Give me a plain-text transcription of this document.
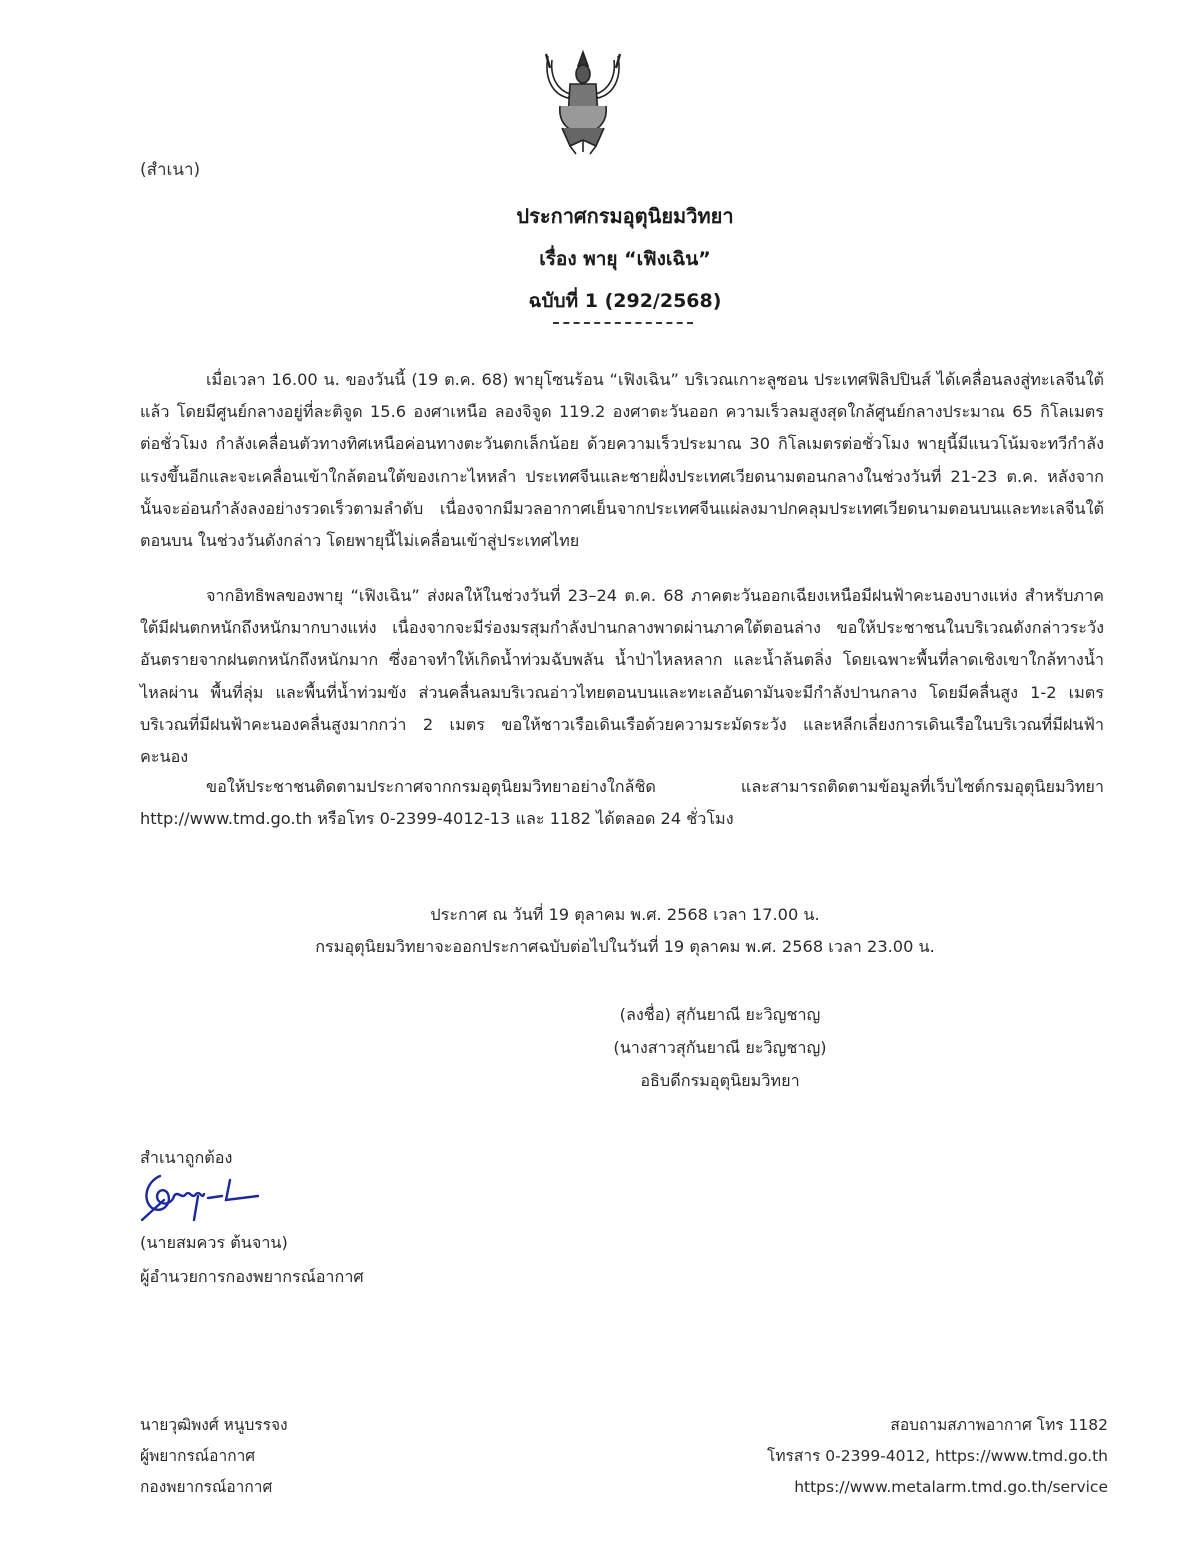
(สำเนา)
ประกาศกรมอุตุนิยมวิทยา
เรื่อง พายุ “เฟิงเฉิน”
ฉบับที่ 1 (292/2568)

เมื่อเวลา 16.00 น. ของวันนี้ (19 ต.ค. 68) พายุโซนร้อน “เฟิงเฉิน” บริเวณเกาะลูซอน ประเทศฟิลิปปินส์ ได้เคลื่อนลงสู่ทะเลจีนใต้แล้ว โดยมีศูนย์กลางอยู่ที่ละติจูด 15.6 องศาเหนือ ลองจิจูด 119.2 องศาตะวันออก ความเร็วลมสูงสุดใกล้ศูนย์กลางประมาณ 65 กิโลเมตรต่อชั่วโมง กำลังเคลื่อนตัวทางทิศเหนือค่อนทางตะวันตกเล็กน้อย ด้วยความเร็วประมาณ 30 กิโลเมตรต่อชั่วโมง พายุนี้มีแนวโน้มจะทวีกำลังแรงขึ้นอีกและจะเคลื่อนเข้าใกล้ตอนใต้ของเกาะไหหลำ ประเทศจีนและชายฝั่งประเทศเวียดนามตอนกลางในช่วงวันที่ 21-23 ต.ค. หลังจากนั้นจะอ่อนกำลังลงอย่างรวดเร็วตามลำดับ เนื่องจากมีมวลอากาศเย็นจากประเทศจีนแผ่ลงมาปกคลุมประเทศเวียดนามตอนบนและทะเลจีนใต้ตอนบน ในช่วงวันดังกล่าว โดยพายุนี้ไม่เคลื่อนเข้าสู่ประเทศไทย

จากอิทธิพลของพายุ “เฟิงเฉิน” ส่งผลให้ในช่วงวันที่ 23–24 ต.ค. 68 ภาคตะวันออกเฉียงเหนือมีฝนฟ้าคะนองบางแห่ง สำหรับภาคใต้มีฝนตกหนักถึงหนักมากบางแห่ง เนื่องจากจะมีร่องมรสุมกำลังปานกลางพาดผ่านภาคใต้ตอนล่าง ขอให้ประชาชนในบริเวณดังกล่าวระวังอันตรายจากฝนตกหนักถึงหนักมาก ซึ่งอาจทำให้เกิดน้ำท่วมฉับพลัน น้ำป่าไหลหลาก และน้ำล้นตลิ่ง โดยเฉพาะพื้นที่ลาดเชิงเขาใกล้ทางน้ำไหลผ่าน พื้นที่ลุ่ม และพื้นที่น้ำท่วมขัง ส่วนคลื่นลมบริเวณอ่าวไทยตอนบนและทะเลอันดามันจะมีกำลังปานกลาง โดยมีคลื่นสูง 1-2 เมตร บริเวณที่มีฝนฟ้าคะนองคลื่นสูงมากกว่า 2 เมตร ขอให้ชาวเรือเดินเรือด้วยความระมัดระวัง และหลีกเลี่ยงการเดินเรือในบริเวณที่มีฝนฟ้าคะนอง

ขอให้ประชาชนติดตามประกาศจากกรมอุตุนิยมวิทยาอย่างใกล้ชิด และสามารถติดตามข้อมูลที่เว็บไซต์กรมอุตุนิยมวิทยา http://www.tmd.go.th หรือโทร 0-2399-4012-13 และ 1182 ได้ตลอด 24 ชั่วโมง

ประกาศ ณ วันที่ 19 ตุลาคม พ.ศ. 2568 เวลา 17.00 น.
กรมอุตุนิยมวิทยาจะออกประกาศฉบับต่อไปในวันที่ 19 ตุลาคม พ.ศ. 2568 เวลา 23.00 น.
(ลงชื่อ) สุกันยาณี ยะวิญชาญ
(นางสาวสุกันยาณี ยะวิญชาญ)
อธิบดีกรมอุตุนิยมวิทยา
สำเนาถูกต้อง
(นายสมควร ต้นจาน)
ผู้อำนวยการกองพยากรณ์อากาศ
นายวุฒิพงศ์ หนูบรรจง
ผู้พยากรณ์อากาศ
กองพยากรณ์อากาศ
สอบถามสภาพอากาศ โทร 1182
โทรสาร 0-2399-4012, https://www.tmd.go.th
https://www.metalarm.tmd.go.th/service
